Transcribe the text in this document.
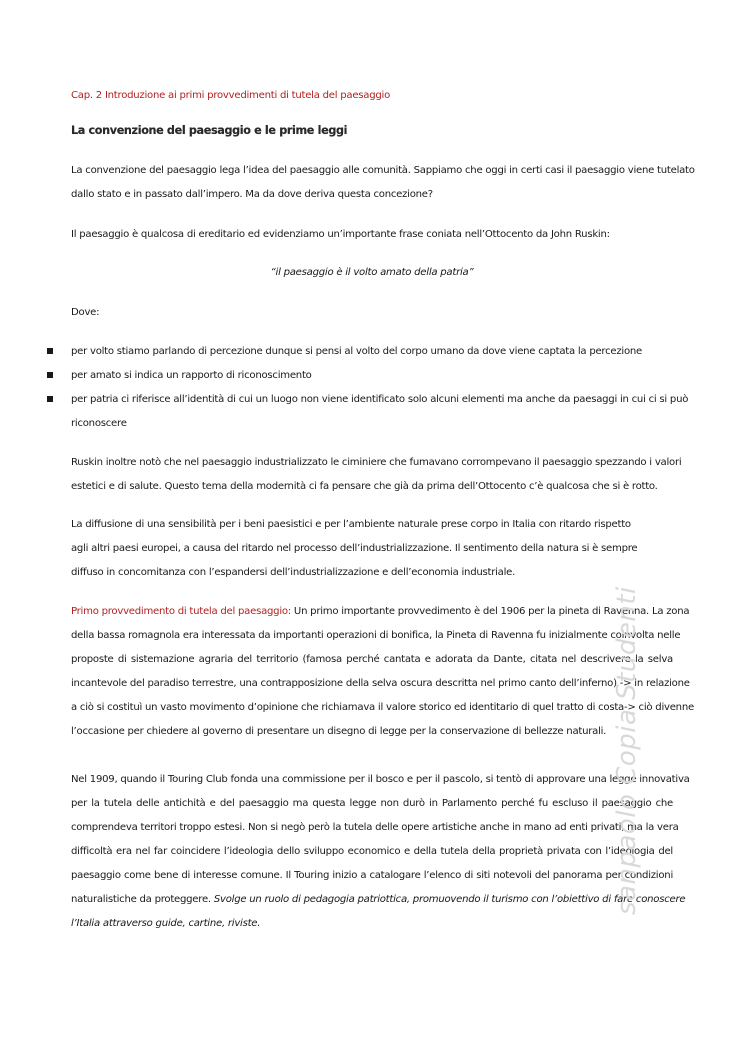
Cap. 2 Introduzione ai primi provvedimenti di tutela del paesaggio
La convenzione del paesaggio e le prime leggi
La convenzione del paesaggio lega l’idea del paesaggio alle comunità. Sappiamo che oggi in certi casi il paesaggio viene tutelato
dallo stato e in passato dall’impero. Ma da dove deriva questa concezione?
Il paesaggio è qualcosa di ereditario ed evidenziamo un’importante frase coniata nell’Ottocento da John Ruskin:
“il paesaggio è il volto amato della patria”
Dove:
per volto stiamo parlando di percezione dunque si pensi al volto del corpo umano da dove viene captata la percezione
per amato si indica un rapporto di riconoscimento
per patria ci riferisce all’identità di cui un luogo non viene identificato solo alcuni elementi ma anche da paesaggi in cui ci si può
riconoscere
Ruskin inoltre notò che nel paesaggio industrializzato le ciminiere che fumavano corrompevano il paesaggio spezzando i valori
estetici e di salute. Questo tema della modernità ci fa pensare che già da prima dell’Ottocento c’è qualcosa che si è rotto.
La diffusione di una sensibilità per i beni paesistici e per l’ambiente naturale prese corpo in Italia con ritardo rispetto
agli altri paesi europei, a causa del ritardo nel processo dell’industrializzazione. Il sentimento della natura si è sempre
diffuso in concomitanza con l’espandersi dell’industrializzazione e dell’economia industriale.
Primo provvedimento di tutela del paesaggio: Un primo importante provvedimento è del 1906 per la pineta di Ravenna. La zona
della bassa romagnola era interessata da importanti operazioni di bonifica, la Pineta di Ravenna fu inizialmente coinvolta nelle
proposte di sistemazione agraria del territorio (famosa perché cantata e adorata da Dante, citata nel descrivere la selva
incantevole del paradiso terrestre, una contrapposizione della selva oscura descritta nel primo canto dell’inferno) -> in relazione
a ciò si costituì un vasto movimento d’opinione che richiamava il valore storico ed identitario di quel tratto di costa-> ciò divenne
l’occasione per chiedere al governo di presentare un disegno di legge per la conservazione di bellezze naturali.
Nel 1909, quando il Touring Club fonda una commissione per il bosco e per il pascolo, si tentò di approvare una legge innovativa
per la tutela delle antichità e del paesaggio ma questa legge non durò in Parlamento perché fu escluso il paesaggio che
comprendeva territori troppo estesi. Non si negò però la tutela delle opere artistiche anche in mano ad enti privati, ma la vera
difficoltà era nel far coincidere l’ideologia dello sviluppo economico e della tutela della proprietà privata con l’ideologia del
paesaggio come bene di interesse comune. Il Touring inizio a catalogare l’elenco di siti notevoli del panorama per condizioni
naturalistiche da proteggere. Svolge un ruolo di pedagogia patriottica, promuovendo il turismo con l’obiettivo di fare conoscere
l’Italia attraverso guide, cartine, riviste.
sanpaolo Copia Studenti
